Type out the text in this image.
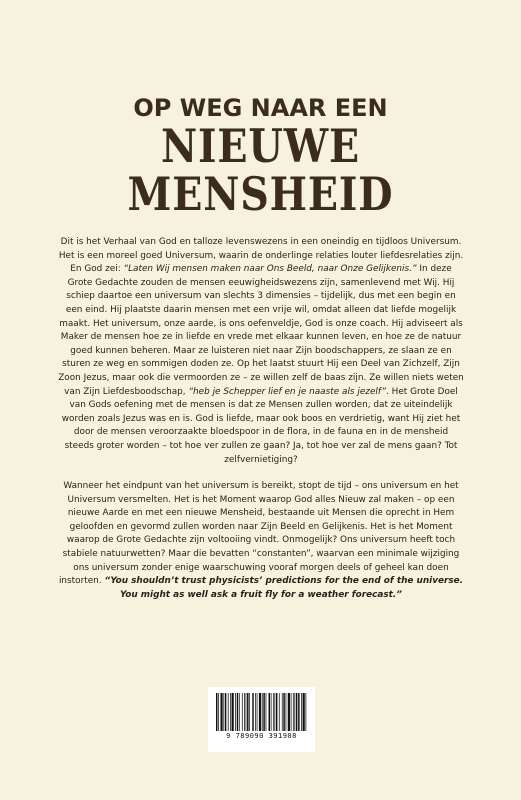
OP WEG NAAR EEN
NIEUWE
MENSHEID

Dit is het Verhaal van God en talloze levenswezens in een oneindig en tijdloos Universum. Het is een moreel goed Universum, waarin de onderlinge relaties louter liefdesrelaties zijn. En God zei: “Laten Wij mensen maken naar Ons Beeld, naar Onze Gelijkenis.” In deze Grote Gedachte zouden de mensen eeuwigheidswezens zijn, samenlevend met Wij. Hij schiep daartoe een universum van slechts 3 dimensies – tijdelijk, dus met een begin en een eind. Hij plaatste daarin mensen met een vrije wil, omdat alleen dat liefde mogelijk maakt. Het universum, onze aarde, is ons oefenveldje, God is onze coach. Hij adviseert als Maker de mensen hoe ze in liefde en vrede met elkaar kunnen leven, en hoe ze de natuur goed kunnen beheren. Maar ze luisteren niet naar Zijn boodschappers, ze slaan ze en sturen ze weg en sommigen doden ze. Op het laatst stuurt Hij een Deel van Zichzelf, Zijn Zoon Jezus, maar ook die vermoorden ze – ze willen zelf de baas zijn. Ze willen niets weten van Zijn Liefdesboodschap, “heb je Schepper lief en je naaste als jezelf”. Het Grote Doel van Gods oefening met de mensen is dat ze Mensen zullen worden, dat ze uiteindelijk worden zoals Jezus was en is. God is liefde, maar ook boos en verdrietig, want Hij ziet het door de mensen veroorzaakte bloedspoor in de flora, in de fauna en in de mensheid steeds groter worden – tot hoe ver zullen ze gaan? Ja, tot hoe ver zal de mens gaan? Tot zelfvernietiging?

Wanneer het eindpunt van het universum is bereikt, stopt de tijd – ons universum en het Universum versmelten. Het is het Moment waarop God alles Nieuw zal maken – op een nieuwe Aarde en met een nieuwe Mensheid, bestaande uit Mensen die oprecht in Hem geloofden en gevormd zullen worden naar Zijn Beeld en Gelijkenis. Het is het Moment waarop de Grote Gedachte zijn voltooiing vindt. Onmogelijk? Ons universum heeft toch stabiele natuurwetten? Maar die bevatten “constanten”, waarvan een minimale wijziging ons universum zonder enige waarschuwing vooraf morgen deels of geheel kan doen instorten. “You shouldn’t trust physicists’ predictions for the end of the universe. You might as well ask a fruit fly for a weather forecast.”

9 789090 391908
